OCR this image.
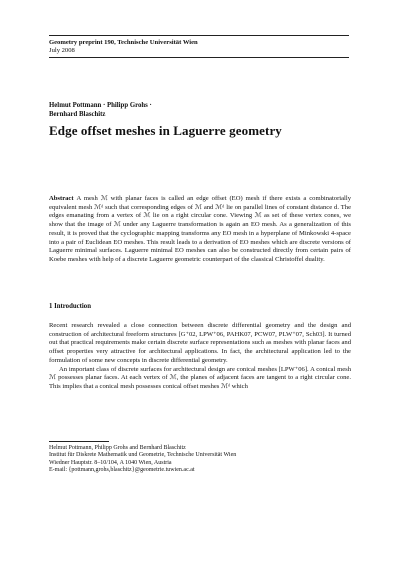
Geometry preprint 190, Technische Universität Wien
July 2008
Helmut Pottmann · Philipp Grohs ·
Bernhard Blaschitz
Edge offset meshes in Laguerre geometry
Abstract A mesh ℳ with planar faces is called an edge offset (EO) mesh if there exists a combinatorially equivalent mesh ℳᵈ such that corresponding edges of ℳ and ℳᵈ lie on parallel lines of constant distance d. The edges emanating from a vertex of ℳ lie on a right circular cone. Viewing ℳ as set of these vertex cones, we show that the image of ℳ under any Laguerre transformation is again an EO mesh. As a generalization of this result, it is proved that the cyclographic mapping transforms any EO mesh in a hyperplane of Minkowski 4-space into a pair of Euclidean EO meshes. This result leads to a derivation of EO meshes which are discrete versions of Laguerre minimal surfaces. Laguerre minimal EO meshes can also be constructed directly from certain pairs of Koebe meshes with help of a discrete Laguerre geometric counterpart of the classical Christoffel duality.
1 Introduction

Recent research revealed a close connection between discrete differential geometry and the design and construction of architectural freeform structures [G⁺02, LPW⁺06, PAHK07, PCW07, PLW⁺07, Sch03]. It turned out that practical requirements make certain discrete surface representations such as meshes with planar faces and offset properties very attractive for architectural applications. In fact, the architectural application led to the formulation of some new concepts in discrete differential geometry.

An important class of discrete surfaces for architectural design are conical meshes [LPW⁺06]. A conical mesh ℳ possesses planar faces. At each vertex of ℳ, the planes of adjacent faces are tangent to a right circular cone. This implies that a conical mesh possesses conical offset meshes ℳᵈ which

Helmut Pottmann, Philipp Grohs and Bernhard Blaschitz
Institut für Diskrete Mathematik und Geometrie, Technische Universität Wien
Wiedner Hauptstr. 8–10/104, A 1040 Wien, Austria
E-mail: {pottmann,grohs,blaschitz}@geometrie.tuwien.ac.at
